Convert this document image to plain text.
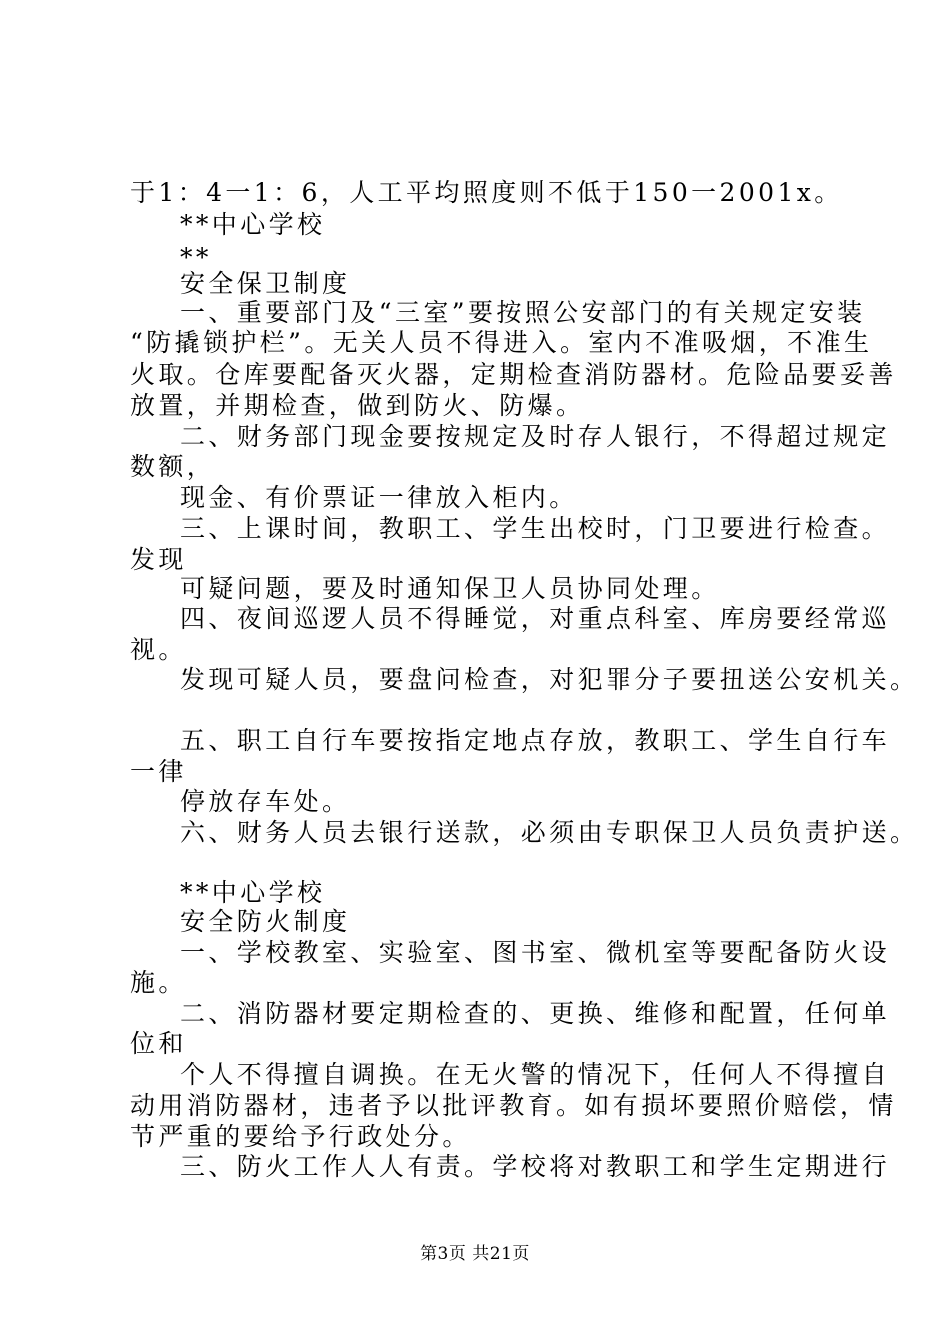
于1：4一1：6，人工平均照度则不低于150一2001x。
**中心学校
**
安全保卫制度
一、重要部门及“三室”要按照公安部门的有关规定安装
“防撬锁护栏”。无关人员不得进入。室内不准吸烟，不准生
火取。仓库要配备灭火器，定期检查消防器材。危险品要妥善
放置，并期检查，做到防火、防爆。
二、财务部门现金要按规定及时存人银行，不得超过规定
数额，
现金、有价票证一律放入柜内。
三、上课时间，教职工、学生出校时，门卫要进行检查。
发现
可疑问题，要及时通知保卫人员协同处理。
四、夜间巡逻人员不得睡觉，对重点科室、库房要经常巡
视。
发现可疑人员，要盘问检查，对犯罪分子要扭送公安机关。
五、职工自行车要按指定地点存放，教职工、学生自行车
一律
停放存车处。
六、财务人员去银行送款，必须由专职保卫人员负责护送。
**中心学校
安全防火制度
一、学校教室、实验室、图书室、微机室等要配备防火设
施。
二、消防器材要定期检查的、更换、维修和配置，任何单
位和
个人不得擅自调换。在无火警的情况下，任何人不得擅自
动用消防器材，违者予以批评教育。如有损坏要照价赔偿，情
节严重的要给予行政处分。
三、防火工作人人有责。学校将对教职工和学生定期进行
第3页 共21页
